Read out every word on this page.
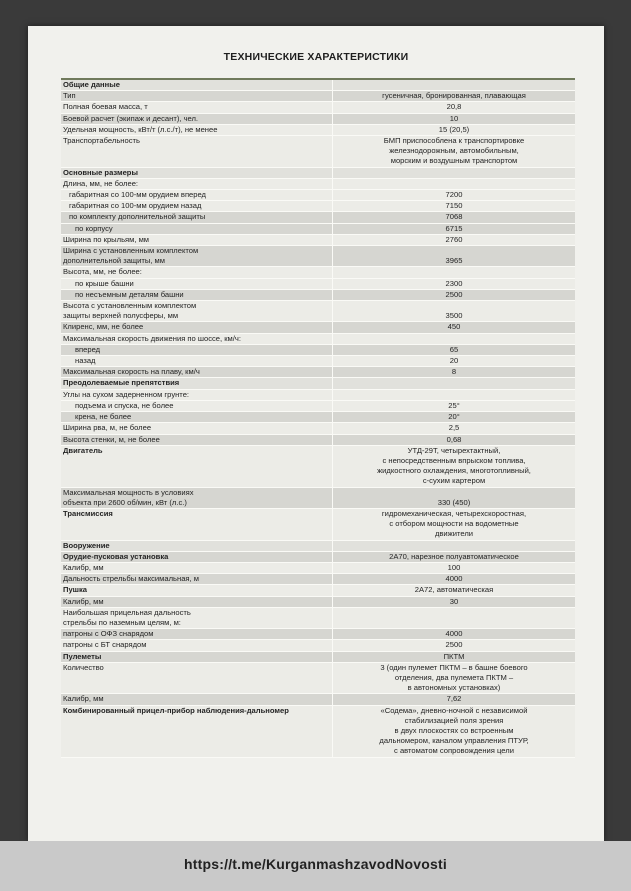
ТЕХНИЧЕСКИЕ ХАРАКТЕРИСТИКИ
Общие данные
Тип	гусеничная, бронированная, плавающая
Полная боевая масса, т	20,8
Боевой расчет (экипаж и десант), чел.	10
Удельная мощность, кВт/т (л.с./т), не менее	15 (20,5)
Транспортабельность	БМП приспособлена к транспортировке
железнодорожным, автомобильным,
морским и воздушным транспортом
Основные размеры
Длина, мм, не более:
габаритная со 100-мм орудием вперед	7200
габаритная со 100-мм орудием назад	7150
по комплекту дополнительной защиты	7068
по корпусу	6715
Ширина по крыльям, мм	2760
Ширина с установленным комплектом
дополнительной защиты, мм	3965
Высота, мм, не более:
по крыше башни	2300
по несъемным деталям башни	2500
Высота с установленным комплектом
защиты верхней полусферы, мм	3500
Клиренс, мм, не более	450
Максимальная скорость движения по шоссе, км/ч:
вперед	65
назад	20
Максимальная скорость на плаву, км/ч	8
Преодолеваемые препятствия
Углы на сухом задерненном грунте:
подъема и спуска, не более	25°
крена, не более	20°
Ширина рва, м, не более	2,5
Высота стенки, м, не более	0,68
Двигатель	УТД-29Т, четырехтактный,
с непосредственным впрыском топлива,
жидкостного охлаждения, многотопливный,
с-сухим картером
Максимальная мощность в условиях
объекта при 2600 об/мин, кВт (л.с.)	330 (450)
Трансмиссия	гидромеханическая, четырехскоростная,
с отбором мощности на водометные
движители
Вооружение
Орудие-пусковая установка	2А70, нарезное полуавтоматическое
Калибр, мм	100
Дальность стрельбы максимальная, м	4000
Пушка	2А72, автоматическая
Калибр, мм	30
Наибольшая прицельная дальность
стрельбы по наземным целям, м:
патроны с ОФЗ снарядом	4000
патроны с БТ снарядом	2500
Пулеметы	ПКТМ
Количество	3 (один пулемет ПКТМ – в башне боевого
отделения, два пулемета ПКТМ –
в автономных установках)
Калибр, мм	7,62
Комбинированный прицел-прибор наблюдения-дальномер	«Содема», дневно-ночной с независимой
стабилизацией поля зрения
в двух плоскостях со встроенным
дальномером, каналом управления ПТУР,
с автоматом сопровождения цели
https://t.me/KurganmashzavodNovosti
